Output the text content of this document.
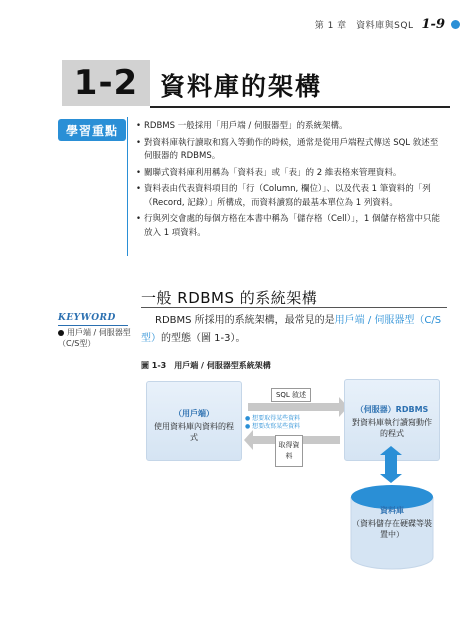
第 1 章　資料庫與SQL 1-9
1-2 資料庫的架構
學習重點
•	RDBMS 一般採用「用戶端 / 伺服器型」的系統架構。
• 對資料庫執行讀取和寫入等動作的時候，通常是從用戶端程式傳送 SQL 敘述至伺服器的 RDBMS。
• 關聯式資料庫利用稱為「資料表」或「表」的 2 維表格來管理資料。
• 資料表由代表資料項目的「行（Column, 欄位）」、以及代表 1 筆資料的「列（Record, 記錄）」所構成，而資料讀寫的最基本單位為 1 列資料。
• 行與列交會處的每個方格在本書中稱為「儲存格（Cell）」，1 個儲存格當中只能放入 1 項資料。
一般 RDBMS 的系統架構
KEYWORD
用戶端 / 伺服器型（C/S型）

RDBMS 所採用的系統架構，最常見的是用戶端 / 伺服器型（C/S 型）的型態（圖 1-3）。

圖 1-3　用戶端 / 伺服器型系統架構
（用戶端）
使用資料庫內資料的程式
SQL 敘述
● 想要取得某些資料
● 想要改寫某些資料
取得資料
（伺服器）RDBMS
對資料庫執行讀寫動作的程式
資料庫
（資料儲存在硬碟等裝置中）
